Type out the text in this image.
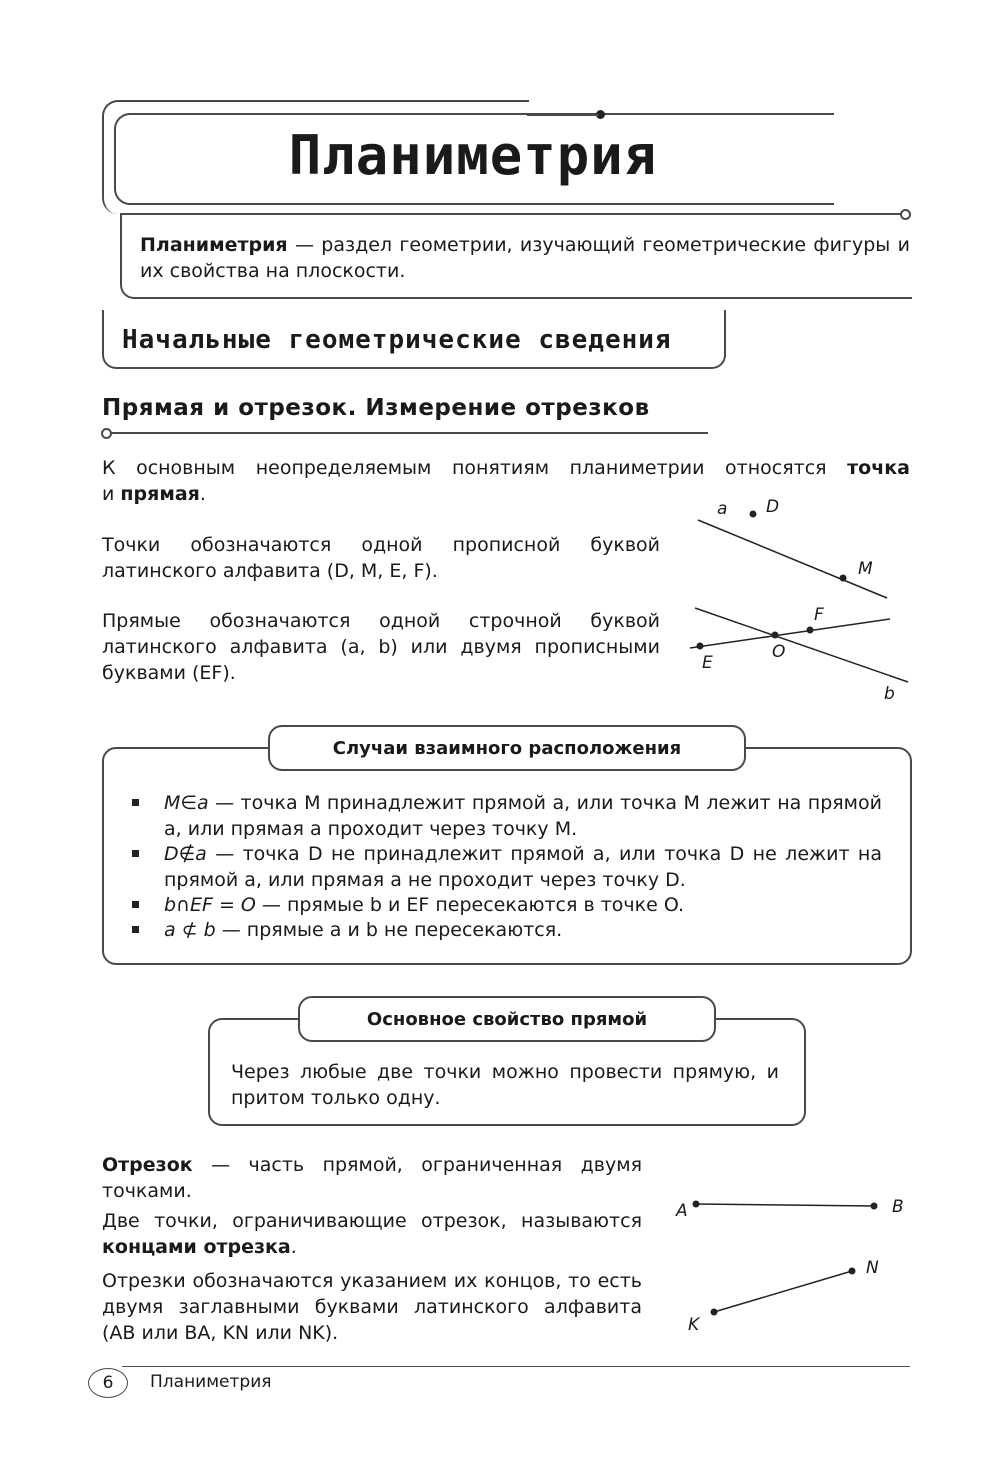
Планиметрия
Планиметрия — раздел геометрии, изучающий геометрические фигуры и их свойства на плоскости.
Начальные геометрические сведения
Прямая и отрезок. Измерение отрезков
К основным неопределяемым понятиям планиметрии относятся точка
и прямая.
Точки обозначаются одной прописной буквой латинского алфавита (D, M, E, F).
Прямые обозначаются одной строчной буквой латинского алфавита (a, b) или двумя прописными буквами (EF).
a D
M
F
E
O
b
Случаи взаимного расположения
M∈a — точка M принадлежит прямой a, или точка M лежит на прямой a, или прямая a проходит через точку M.
D∉a — точка D не принадлежит прямой a, или точка D не лежит на прямой a, или прямая a не проходит через точку D.
b∩EF = O — прямые b и EF пересекаются в точке O.
a ⊄ b — прямые a и b не пересекаются.
Основное свойство прямой
Через любые две точки можно провести прямую, и притом только одну.
Отрезок — часть прямой, ограниченная двумя точками.
Две точки, ограничивающие отрезок, называются концами отрезка.
Отрезки обозначаются указанием их концов, то есть двумя заглавными буквами латинского алфавита (AB или BA, KN или NK).
A	B
N
K
6	Планиметрия
